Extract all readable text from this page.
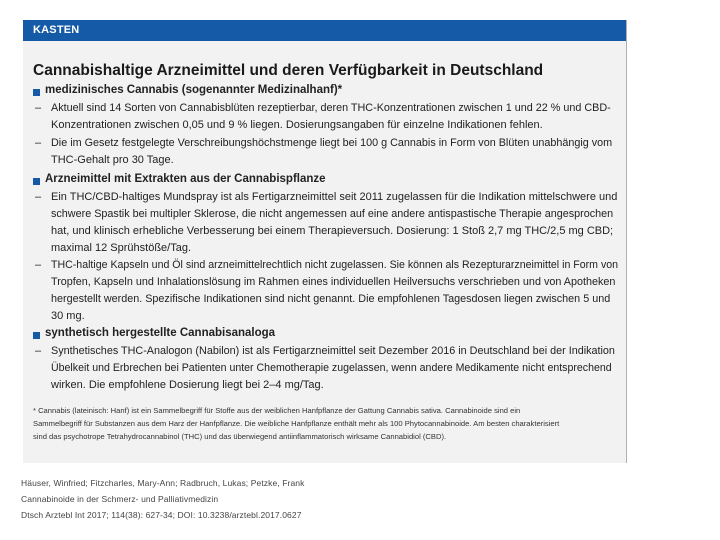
KASTEN
Cannabishaltige Arzneimittel und deren Verfügbarkeit in Deutschland
medizinisches Cannabis (sogenannter Medizinalhanf)*
– Aktuell sind 14 Sorten von Cannabisblüten rezeptierbar, deren THC-Konzentrationen zwischen 1 und 22 % und CBD-
Konzentrationen zwischen 0,05 und 9 % liegen. Dosierungsangaben für einzelne Indikationen fehlen.
– Die im Gesetz festgelegte Verschreibungshöchstmenge liegt bei 100 g Cannabis in Form von Blüten unabhängig vom
THC-Gehalt pro 30 Tage.
Arzneimittel mit Extrakten aus der Cannabispflanze
– Ein THC/CBD-haltiges Mundspray ist als Fertigarzneimittel seit 2011 zugelassen für die Indikation mittelschwere und
schwere Spastik bei multipler Sklerose, die nicht angemessen auf eine andere antispastische Therapie angesprochen
hat, und klinisch erhebliche Verbesserung bei einem Therapieversuch. Dosierung: 1 Stoß 2,7 mg THC/2,5 mg CBD;
maximal 12 Sprühstöße/Tag.
– THC-haltige Kapseln und Öl sind arzneimittelrechtlich nicht zugelassen. Sie können als Rezepturarzneimittel in Form von
Tropfen, Kapseln und Inhalationslösung im Rahmen eines individuellen Heilversuchs verschrieben und von Apotheken
hergestellt werden. Spezifische Indikationen sind nicht genannt. Die empfohlenen Tagesdosen liegen zwischen 5 und
30 mg.
synthetisch hergestellte Cannabisanaloga
– Synthetisches THC-Analogon (Nabilon) ist als Fertigarzneimittel seit Dezember 2016 in Deutschland bei der Indikation
Übelkeit und Erbrechen bei Patienten unter Chemotherapie zugelassen, wenn andere Medikamente nicht entsprechend
wirken. Die empfohlene Dosierung liegt bei 2–4 mg/Tag.
* Cannabis (lateinisch: Hanf) ist ein Sammelbegriff für Stoffe aus der weiblichen Hanfpflanze der Gattung Cannabis sativa. Cannabinoide sind ein
Sammelbegriff für Substanzen aus dem Harz der Hanfpflanze. Die weibliche Hanfpflanze enthält mehr als 100 Phytocannabinoide. Am besten charakterisiert
sind das psychotrope Tetrahydrocannabinol (THC) und das überwiegend antiinflammatorisch wirksame Cannabidiol (CBD).
Häuser, Winfried; Fitzcharles, Mary-Ann; Radbruch, Lukas; Petzke, Frank
Cannabinoide in der Schmerz- und Palliativmedizin
Dtsch Arztebl Int 2017; 114(38): 627-34; DOI: 10.3238/arztebl.2017.0627
